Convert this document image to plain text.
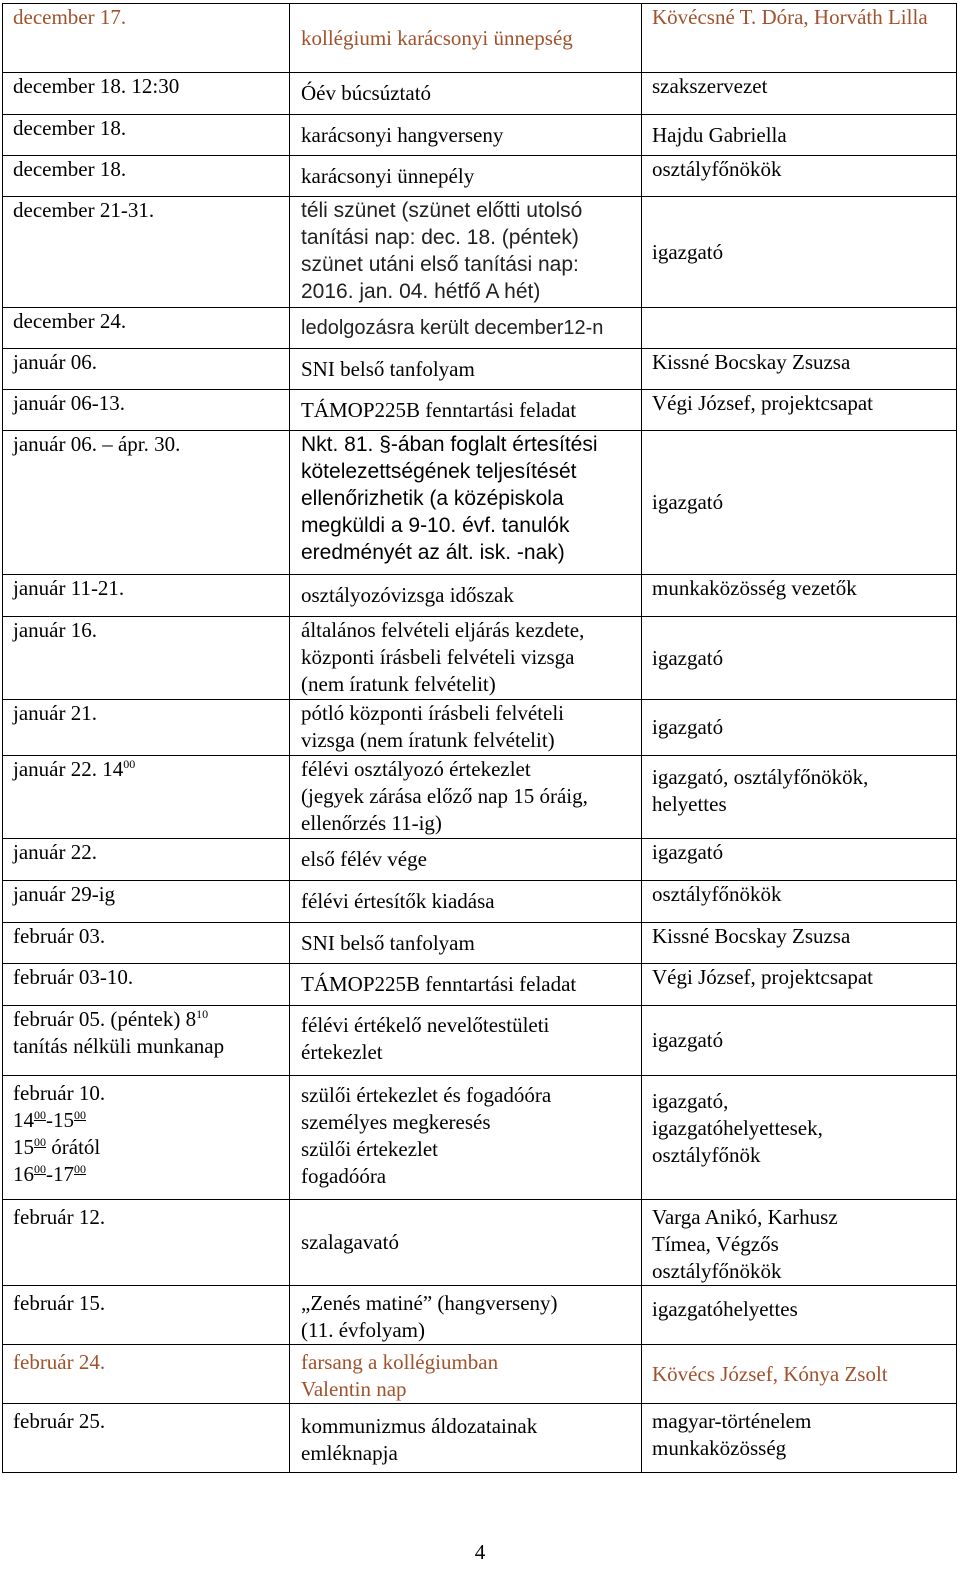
december 17.	kollégiumi karácsonyi ünnepség	Kövécsné T. Dóra, Horváth Lilla
december 18. 12:30	Óév búcsúztató	szakszervezet
december 18.	karácsonyi hangverseny	Hajdu Gabriella
december 18.	karácsonyi ünnepély	osztályfőnökök
december 21-31.	téli szünet (szünet előtti utolsó
tanítási nap: dec. 18. (péntek)
szünet utáni első tanítási nap:
2016. jan. 04. hétfő A hét)	igazgató
december 24.	ledolgozásra került december12-n	
január 06.	SNI belső tanfolyam	Kissné Bocskay Zsuzsa
január 06-13.	TÁMOP225B fenntartási feladat	Végi József, projektcsapat
január 06. – ápr. 30.	Nkt. 81. §-ában foglalt értesítési
kötelezettségének teljesítését
ellenőrizhetik (a középiskola
megküldi a 9-10. évf. tanulók
eredményét az ált. isk. -nak)	igazgató
január 11-21.	osztályozóvizsga időszak	munkaközösség vezetők
január 16.	általános felvételi eljárás kezdete,
központi írásbeli felvételi vizsga
(nem íratunk felvételit)	igazgató
január 21.	pótló központi írásbeli felvételi
vizsga (nem íratunk felvételit)	igazgató
január 22. $14^{00}$	félévi osztályozó értekezlet
(jegyek zárása előző nap 15 óráig,
ellenőrzés 11-ig)	igazgató, osztályfőnökök,
helyettes

január 22.	első félév vége	igazgató
január 29-ig	félévi értesítők kiadása	osztályfőnökök
február 03.	SNI belső tanfolyam	Kissné Bocskay Zsuzsa
február 03-10.	TÁMOP225B fenntartási feladat	Végi József, projektcsapat

február 05. (péntek) $8^{10}$
tanítás nélküli munkanap	félévi értékelő nevelőtestületi
értekezlet	igazgató

február 10.
$14^{00}-15^{00}$
$15^{00}$ órától
$16^{00}-17^{00}$	szülői értekezlet és fogadóóra
személyes megkeresés
szülői értekezlet
fogadóóra	igazgató,
igazgatóhelyettesek,
osztályfőnök

február 12.	szalagavató	Varga Anikó, Karhusz
Tímea, Végzős
osztályfőnökök

február 15.	„Zenés matiné” (hangverseny)
(11. évfolyam)	igazgatóhelyettes
február 24.	farsang a kollégiumban
Valentin nap	Kövécs József, Kónya Zsolt
február 25.	kommunizmus áldozatainak
emléknapja	magyar-történelem
munkaközösség
4
